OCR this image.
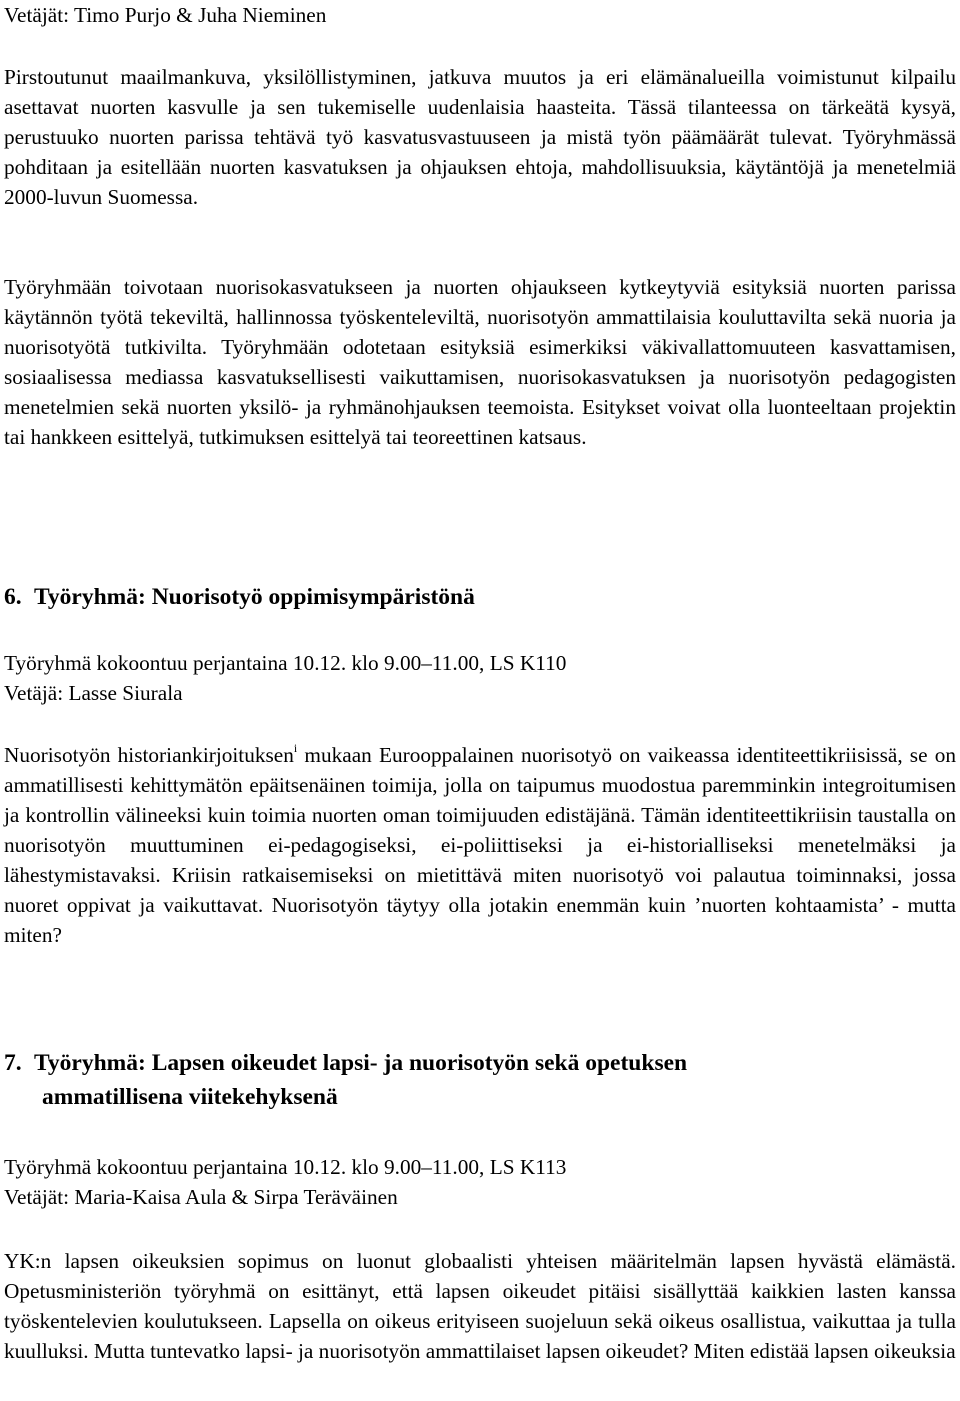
Vetäjät: Timo Purjo & Juha Nieminen

Pirstoutunut maailmankuva, yksilöllistyminen, jatkuva muutos ja eri elämänalueilla voimistunut kilpailu asettavat nuorten kasvulle ja sen tukemiselle uudenlaisia haasteita. Tässä tilanteessa on tärkeätä kysyä, perustuuko nuorten parissa tehtävä työ kasvatusvastuuseen ja mistä työn päämäärät tulevat. Työryhmässä pohditaan ja esitellään nuorten kasvatuksen ja ohjauksen ehtoja, mahdollisuuksia, käytäntöjä ja menetelmiä 2000-luvun Suomessa.

Työryhmään toivotaan nuorisokasvatukseen ja nuorten ohjaukseen kytkeytyviä esityksiä nuorten parissa käytännön työtä tekeviltä, hallinnossa työskenteleviltä, nuorisotyön ammattilaisia kouluttavilta sekä nuoria ja nuorisotyötä tutkivilta. Työryhmään odotetaan esityksiä esimerkiksi väkivallattomuuteen kasvattamisen, sosiaalisessa mediassa kasvatuksellisesti vaikuttamisen, nuorisokasvatuksen ja nuorisotyön pedagogisten menetelmien sekä nuorten yksilö- ja ryhmänohjauksen teemoista. Esitykset voivat olla luonteeltaan projektin tai hankkeen esittelyä, tutkimuksen esittelyä tai teoreettinen katsaus.

6. Työryhmä: Nuorisotyö oppimisympäristönä

Työryhmä kokoontuu perjantaina 10.12. klo 9.00–11.00, LS K110

Vetäjä: Lasse Siurala

Nuorisotyön historiankirjoituksen$^i$ mukaan Eurooppalainen nuorisotyö on vaikeassa identiteettikriisissä, se on ammatillisesti kehittymätön epäitsenäinen toimija, jolla on taipumus muodostua paremminkin integroitumisen ja kontrollin välineeksi kuin toimia nuorten oman toimijuuden edistäjänä. Tämän identiteettikriisin taustalla on nuorisotyön muuttuminen ei-pedagogiseksi, ei-poliittiseksi ja ei-historialliseksi menetelmäksi ja lähestymistavaksi. Kriisin ratkaisemiseksi on mietittävä miten nuorisotyö voi palautua toiminnaksi, jossa nuoret oppivat ja vaikuttavat. Nuorisotyön täytyy olla jotakin enemmän kuin ’nuorten kohtaamista’ - mutta miten?

7. Työryhmä: Lapsen oikeudet lapsi- ja nuorisotyön sekä opetuksen
ammatillisena viitekehyksenä

Työryhmä kokoontuu perjantaina 10.12. klo 9.00–11.00, LS K113

Vetäjät: Maria-Kaisa Aula & Sirpa Teräväinen

YK:n lapsen oikeuksien sopimus on luonut globaalisti yhteisen määritelmän lapsen hyvästä elämästä. Opetusministeriön työryhmä on esittänyt, että lapsen oikeudet pitäisi sisällyttää kaikkien lasten kanssa työskentelevien koulutukseen. Lapsella on oikeus erityiseen suojeluun sekä oikeus osallistua, vaikuttaa ja tulla kuulluksi. Mutta tuntevatko lapsi- ja nuorisotyön ammattilaiset lapsen oikeudet? Miten edistää lapsen oikeuksia
